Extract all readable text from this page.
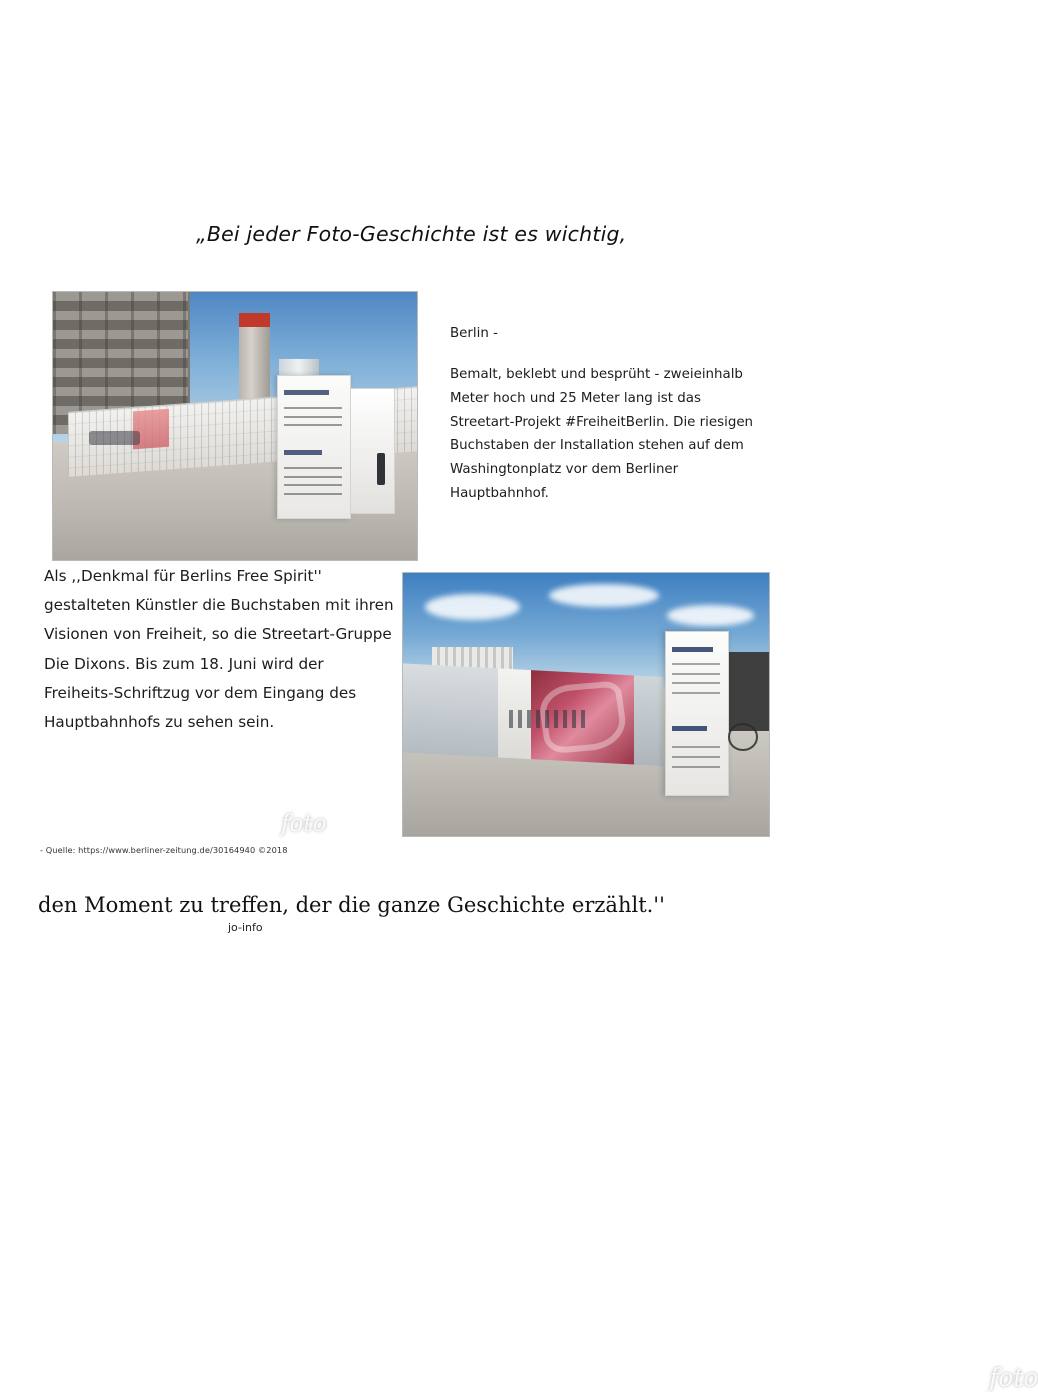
„Bei jeder Foto-Geschichte ist es wichtig,
foto

Berlin -

Bemalt, beklebt und besprüht - zweieinhalb Meter hoch und 25 Meter lang ist das Streetart-Projekt #FreiheitBerlin. Die riesigen Buchstaben der Installation stehen auf dem Washingtonplatz vor dem Berliner Hauptbahnhof.

foto

Als ,,Denkmal für Berlins Free Spirit'' gestalteten Künstler die Buchstaben mit ihren Visionen von Freiheit, so die Streetart-Gruppe Die Dixons. Bis zum 18. Juni wird der Freiheits-Schriftzug vor dem Eingang des Hauptbahnhofs zu sehen sein.

- Quelle: https://www.berliner-zeitung.de/30164940 ©2018
den Moment zu treffen, der die ganze Geschichte erzählt.''
jo-info
